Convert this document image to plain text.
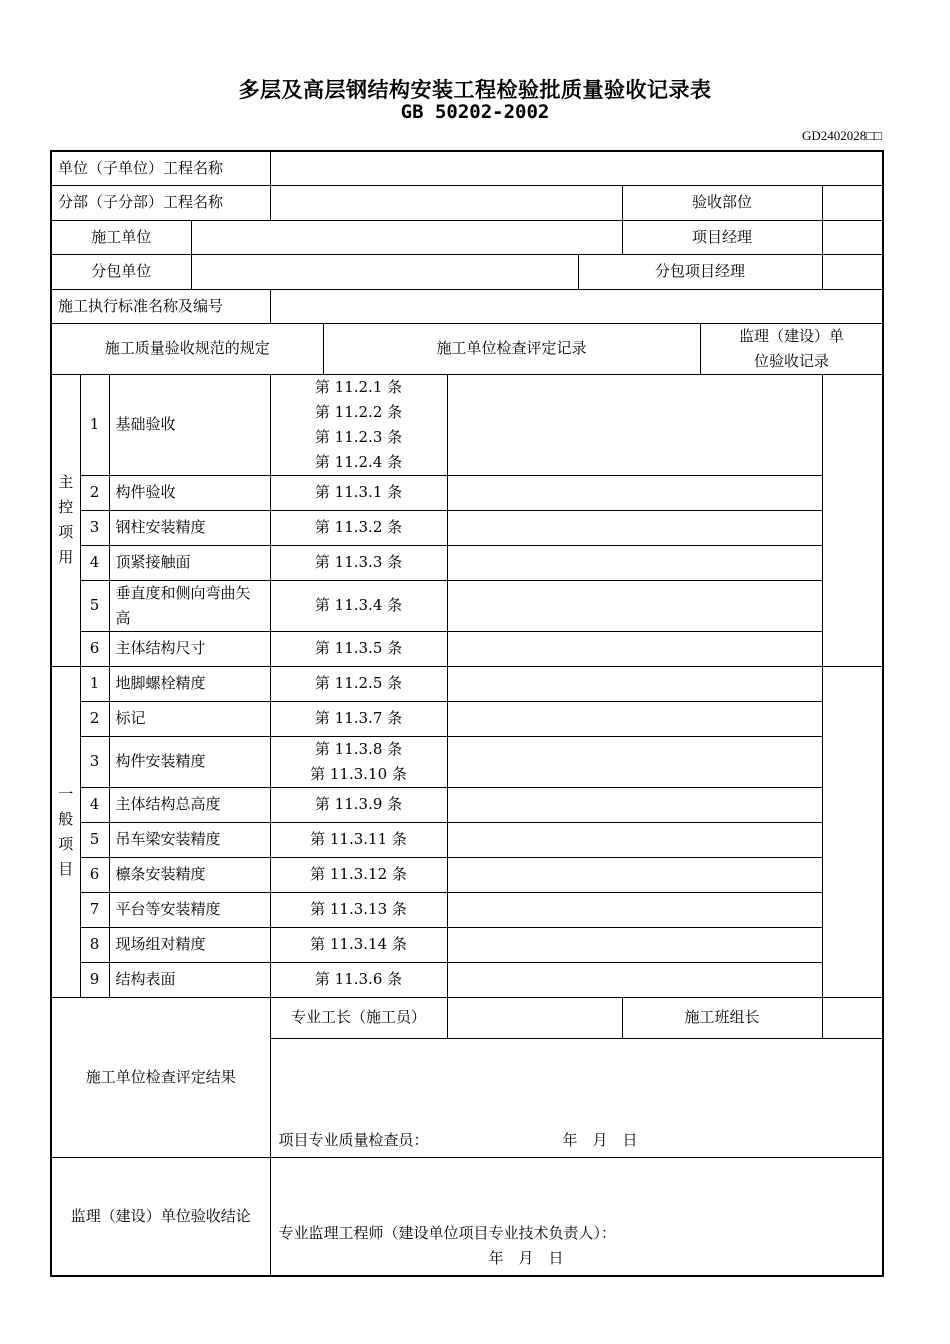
多层及高层钢结构安装工程检验批质量验收记录表
GB 50202-2002
GD2402028□□
单位（子单位）工程名称										
分部（子分部）工程名称								验收部位		
施工单位								项目经理		
分包单位							分包项目经理			
施工执行标准名称及编号										
施工质量验收规范的规定					施工单位检查评定记录				监理（建设）单
位验收记录	

主
控
项
用	1	基础验收		第 11.2.1 条
第 11.2.2 条
第 11.2.3 条
第 11.2.4 条						

	2	构件验收		第 11.3.1 条						
	3	钢柱安装精度		第 11.3.2 条						
	4	顶紧接触面		第 11.3.3 条						
	5	垂直度和侧向弯曲矢高		第 11.3.4 条						
	6	主体结构尺寸		第 11.3.5 条						

一
般
项
目	1	地脚螺栓精度		第 11.2.5 条						
	2	标记		第 11.3.7 条						
	3	构件安装精度		第 11.3.8 条
第 11.3.10 条						

	4	主体结构总高度		第 11.3.9 条						
	5	吊车梁安装精度		第 11.3.11 条						
	6	檩条安装精度		第 11.3.12 条						
	7	平台等安装精度		第 11.3.13 条						
	8	现场组对精度		第 11.3.14 条						
	9	结构表面		第 11.3.6 条						
施工单位检查评定结果				专业工长（施工员）				施工班组长		

				项目专业质量检查员： 年　月　日						

监理（建设）单位验收结论				专业监理工程师（建设单位项目专业技术负责人）：
年　月　日						
